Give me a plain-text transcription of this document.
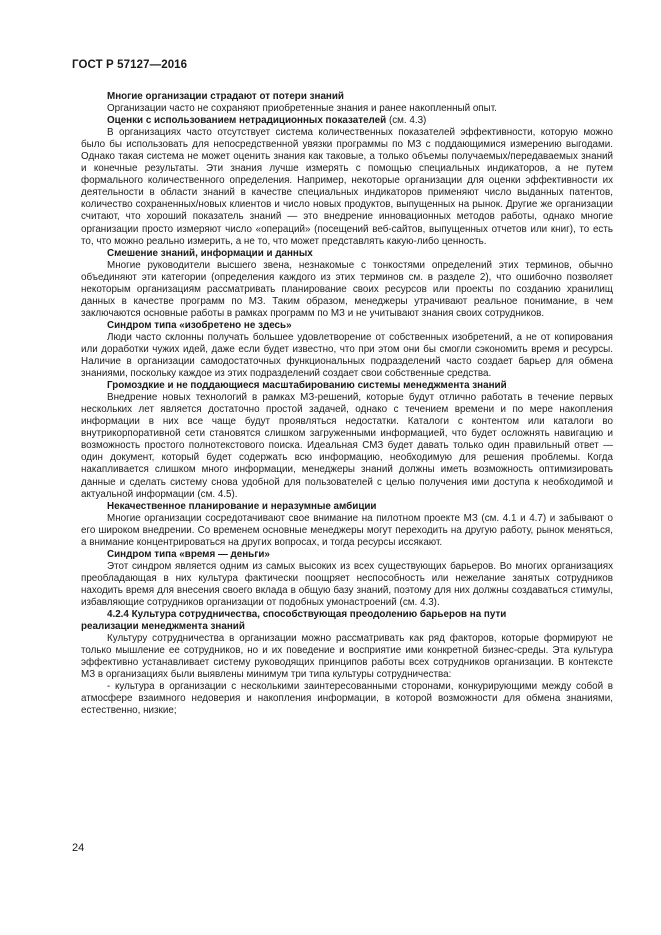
ГОСТ Р 57127—2016

Многие организации страдают от потери знаний

Организации часто не сохраняют приобретенные знания и ранее накопленный опыт.

Оценки с использованием нетрадиционных показателей (см. 4.3)

В организациях часто отсутствует система количественных показателей эффективности, которую можно было бы использовать для непосредственной увязки программы по МЗ с поддающимися измерению выгодами. Однако такая система не может оценить знания как таковые, а только объемы получаемых/передаваемых знаний и конечные результаты. Эти знания лучше измерять с помощью специальных индикаторов, а не путем формального количественного определения. Например, некоторые организации для оценки эффективности их деятельности в области знаний в качестве специальных индикаторов применяют число выданных патентов, количество сохраненных/новых клиентов и число новых продуктов, выпущенных на рынок. Другие же организации считают, что хороший показатель знаний — это внедрение инновационных методов работы, однако многие организации просто измеряют число «операций» (посещений веб-сайтов, выпущенных отчетов или книг), то есть то, что можно реально измерить, а не то, что может представлять какую-либо ценность.

Смешение знаний, информации и данных

Многие руководители высшего звена, незнакомые с тонкостями определений этих терминов, обычно объединяют эти категории (определения каждого из этих терминов см. в разделе 2), что ошибочно позволяет некоторым организациям рассматривать планирование своих ресурсов или проекты по созданию хранилищ данных в качестве программ по МЗ. Таким образом, менеджеры утрачивают реальное понимание, в чем заключаются основные работы в рамках программ по МЗ и не учитывают знания своих сотрудников.

Синдром типа «изобретено не здесь»

Люди часто склонны получать большее удовлетворение от собственных изобретений, а не от копирования или доработки чужих идей, даже если будет известно, что при этом они бы смогли сэкономить время и ресурсы. Наличие в организации самодостаточных функциональных подразделений часто создает барьер для обмена знаниями, поскольку каждое из этих подразделений создает свои собственные средства.

Громоздкие и не поддающиеся масштабированию системы менеджмента знаний

Внедрение новых технологий в рамках МЗ-решений, которые будут отлично работать в течение первых нескольких лет является достаточно простой задачей, однако с течением времени и по мере накопления информации в них все чаще будут проявляться недостатки. Каталоги с контентом или каталоги во внутрикорпоративной сети становятся слишком загруженными информацией, что будет осложнять навигацию и возможность простого полнотекстового поиска. Идеальная СМЗ будет давать только один правильный ответ — один документ, который будет содержать всю информацию, необходимую для решения проблемы. Когда накапливается слишком много информации, менеджеры знаний должны иметь возможность оптимизировать данные и сделать систему снова удобной для пользователей с целью получения ими доступа к необходимой и актуальной информации (см. 4.5).

Некачественное планирование и неразумные амбиции

Многие организации сосредотачивают свое внимание на пилотном проекте МЗ (см. 4.1 и 4.7) и забывают о его широком внедрении. Со временем основные менеджеры могут переходить на другую работу, рынок меняться, а внимание концентрироваться на других вопросах, и тогда ресурсы иссякают.

Синдром типа «время — деньги»

Этот синдром является одним из самых высоких из всех существующих барьеров. Во многих организациях преобладающая в них культура фактически поощряет неспособность или нежелание занятых сотрудников находить время для внесения своего вклада в общую базу знаний, поэтому для них должны создаваться стимулы, избавляющие сотрудников организации от подобных умонастроений (см. 4.3).

4.2.4 Культура сотрудничества, способствующая преодолению барьеров на пути

реализации менеджмента знаний

Культуру сотрудничества в организации можно рассматривать как ряд факторов, которые формируют не только мышление ее сотрудников, но и их поведение и восприятие ими конкретной бизнес-среды. Эта культура эффективно устанавливает систему руководящих принципов работы всех сотрудников организации. В контексте МЗ в организациях были выявлены минимум три типа культуры сотрудничества:

- культура в организации с несколькими заинтересованными сторонами, конкурирующими между собой в атмосфере взаимного недоверия и накопления информации, в которой возможности для обмена знаниями, естественно, низкие;

24
